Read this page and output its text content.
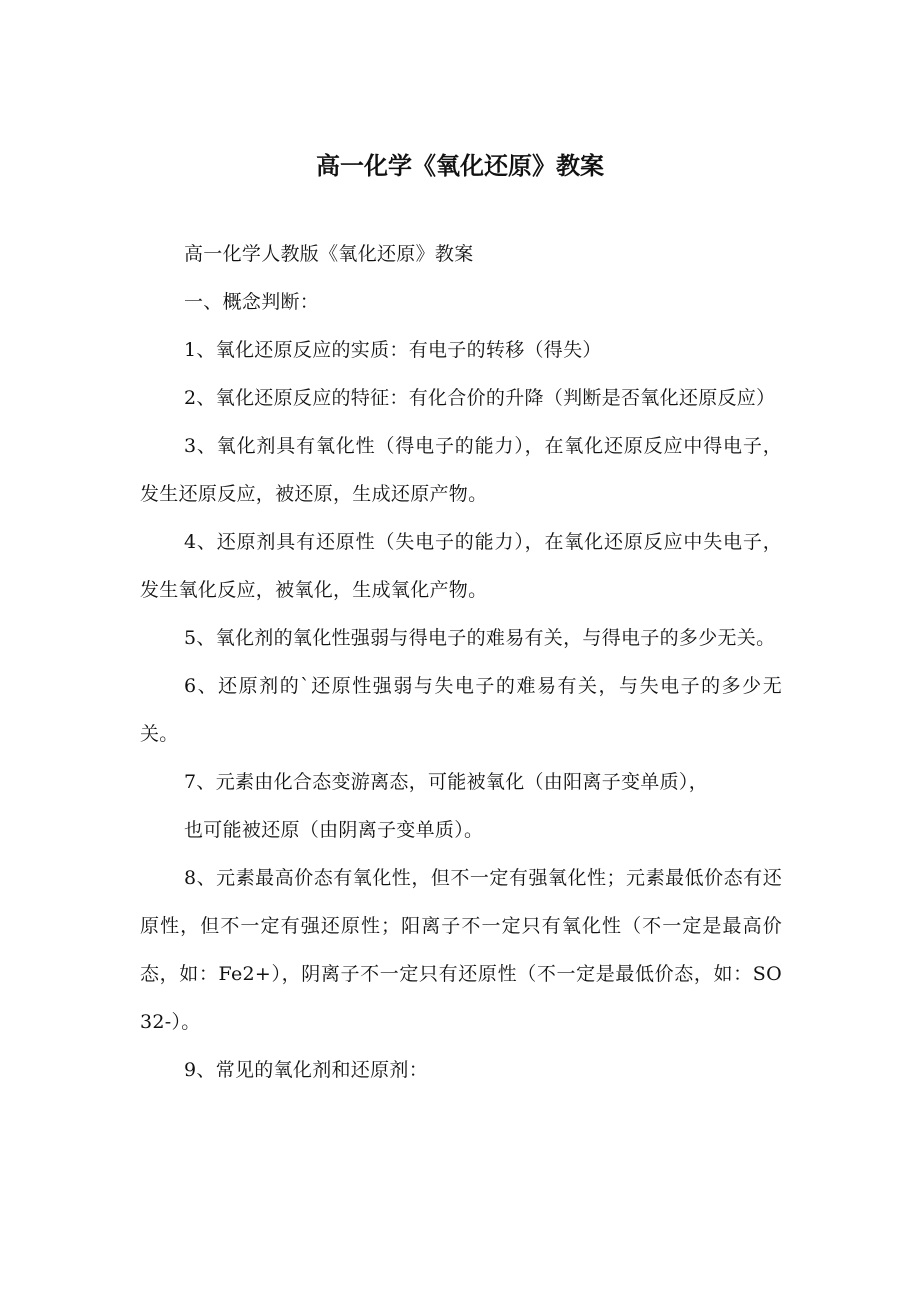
高一化学《氧化还原》教案

高一化学人教版《氧化还原》教案

一、概念判断：

1、氧化还原反应的实质：有电子的转移（得失）

2、氧化还原反应的特征：有化合价的升降（判断是否氧化还原反应）

3、氧化剂具有氧化性（得电子的能力），在氧化还原反应中得电子，发生还原反应，被还原，生成还原产物。

4、还原剂具有还原性（失电子的能力），在氧化还原反应中失电子，发生氧化反应，被氧化，生成氧化产物。

5、氧化剂的氧化性强弱与得电子的难易有关，与得电子的多少无关。

6、还原剂的`还原性强弱与失电子的难易有关，与失电子的多少无关。

7、元素由化合态变游离态，可能被氧化（由阳离子变单质），

也可能被还原（由阴离子变单质）。

8、元素最高价态有氧化性，但不一定有强氧化性；元素最低价态有还原性，但不一定有强还原性；阳离子不一定只有氧化性（不一定是最高价态，如：Fe2+），阴离子不一定只有还原性（不一定是最低价态，如：SO32-）。

9、常见的氧化剂和还原剂：
